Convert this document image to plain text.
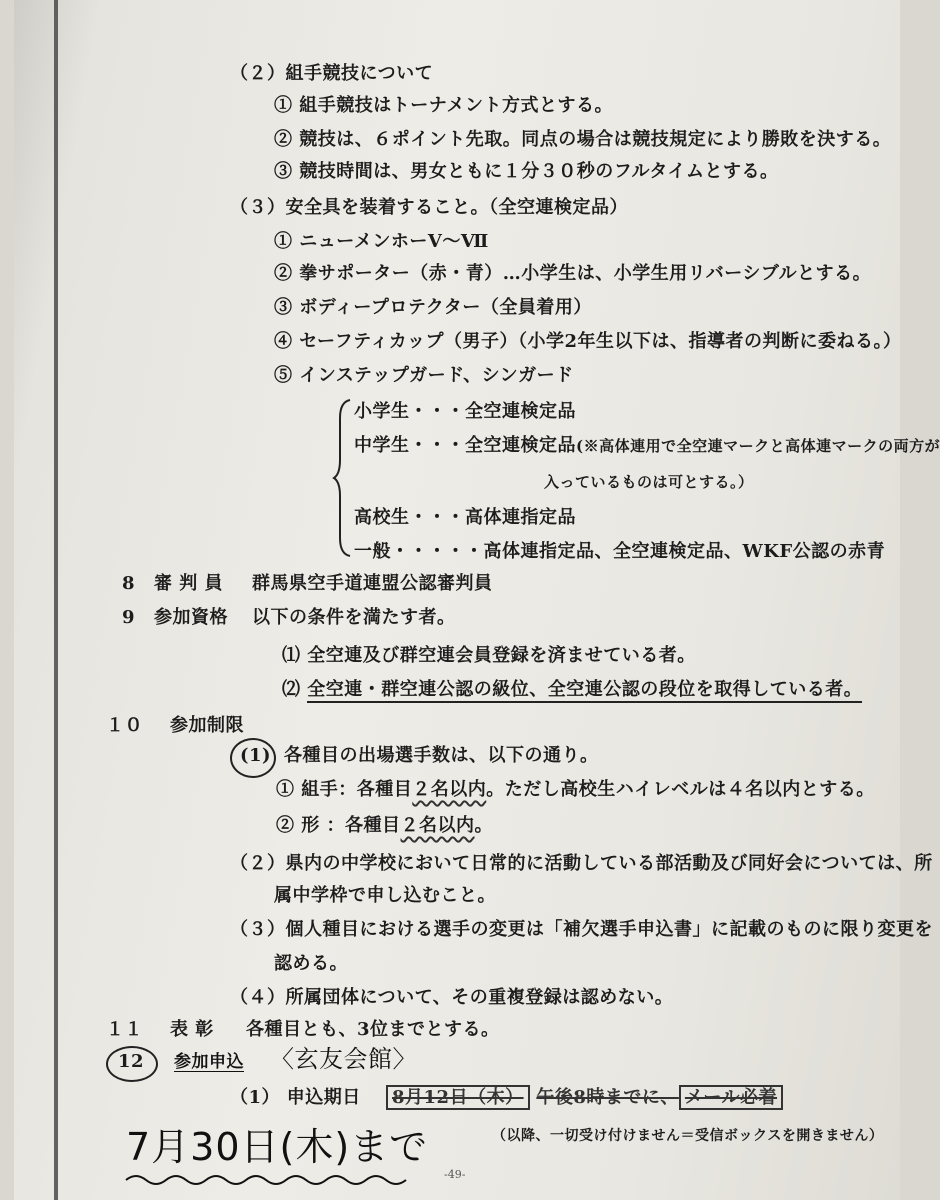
（２）組手競技について
① 組手競技はトーナメント方式とする。
② 競技は、６ポイント先取。同点の場合は競技規定により勝敗を決する。
③ 競技時間は、男女ともに１分３０秒のフルタイムとする。
（３）安全具を装着すること。（全空連検定品）
① ニューメンホーⅤ～Ⅶ
② 拳サポーター（赤・青）…小学生は、小学生用リバーシブルとする。
③ ボディープロテクター（全員着用）
④ セーフティカップ（男子）（小学2年生以下は、指導者の判断に委ねる。）
⑤ インステップガード、シンガード
小学生・・・全空連検定品
中学生・・・全空連検定品(※高体連用で全空連マークと高体連マークの両方が
入っているものは可とする。）
高校生・・・高体連指定品
一般・・・・・高体連指定品、全空連検定品、WKF公認の赤青
8 審 判 員 群馬県空手道連盟公認審判員
9 参加資格 以下の条件を満たす者。
⑴ 全空連及び群空連会員登録を済ませている者。
⑵ 全空連・群空連公認の級位、全空連公認の段位を取得している者。
１０ 参加制限
(1) 各種目の出場選手数は、以下の通り。
① 組手：各種目２名以内。ただし高校生ハイレベルは４名以内とする。
② 形 ：各種目２名以内。
（２）県内の中学校において日常的に活動している部活動及び同好会については、所
属中学枠で申し込むこと。
（３）個人種目における選手の変更は「補欠選手申込書」に記載のものに限り変更を
認める。
（４）所属団体について、その重複登録は認めない。
１１ 表 彰 各種目とも、3位までとする。
12 参加申込 〈玄友会館〉
（1） 申込期日	8月12日（木） 午後8時までに、 メール必着
（以降、一切受け付けません＝受信ボックスを開きません）
7月30日(木)まで
-49-
